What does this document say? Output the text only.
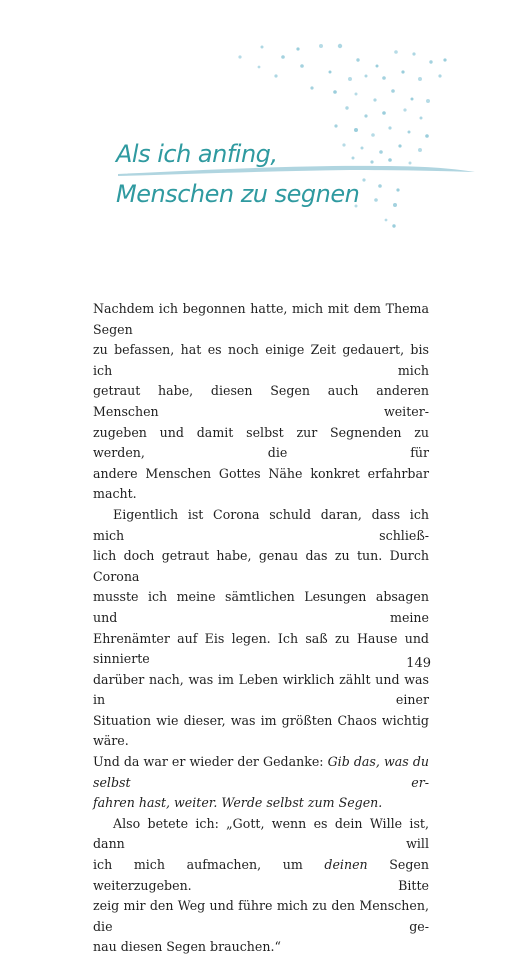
Als ich anfing,
Menschen zu segnen

Nachdem ich begonnen hatte, mich mit dem Thema Segen
zu befassen, hat es noch einige Zeit gedauert, bis ich mich
getraut habe, diesen Segen auch anderen Menschen weiter-
zugeben und damit selbst zur Segnenden zu werden, die für
andere Menschen Gottes Nähe konkret erfahrbar macht.

Eigentlich ist Corona schuld daran, dass ich mich schließ-
lich doch getraut habe, genau das zu tun. Durch Corona
musste ich meine sämtlichen Lesungen absagen und meine
Ehrenämter auf Eis legen. Ich saß zu Hause und sinnierte
darüber nach, was im Leben wirklich zählt und was in einer
Situation wie dieser, was im größten Chaos wichtig wäre.
Und da war er wieder der Gedanke: Gib das, was du selbst er-
fahren hast, weiter. Werde selbst zum Segen.

Also betete ich: „Gott, wenn es dein Wille ist, dann will
ich mich aufmachen, um deinen Segen weiterzugeben. Bitte
zeig mir den Weg und führe mich zu den Menschen, die ge-
nau diesen Segen brauchen.“

149
